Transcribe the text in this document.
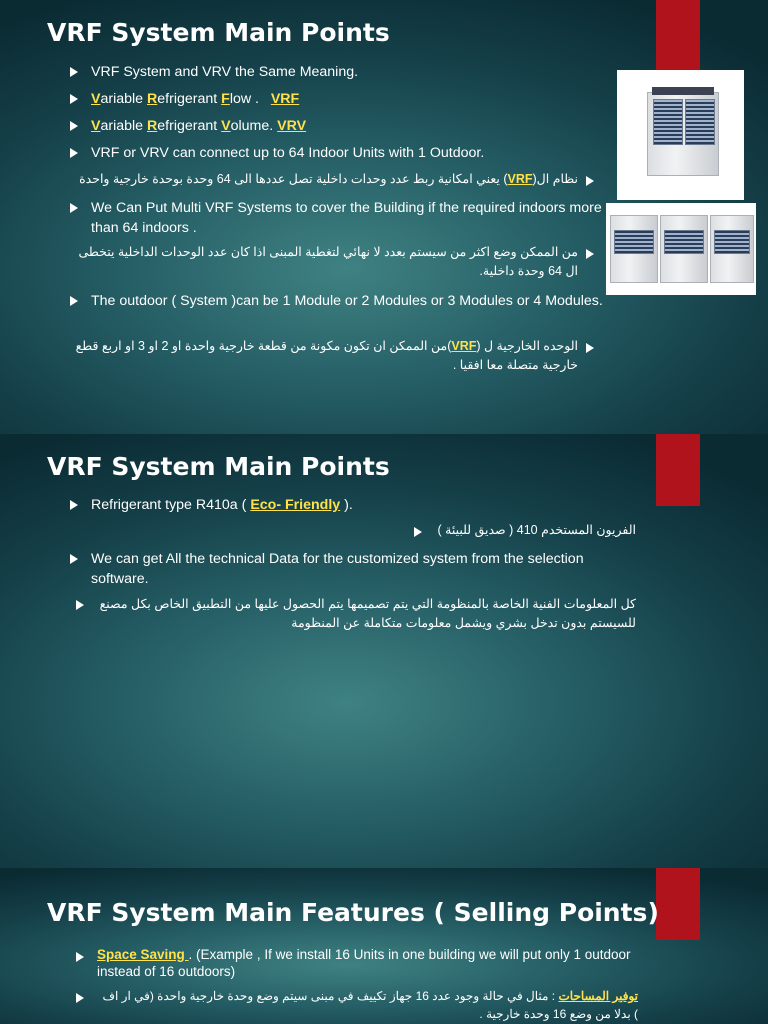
VRF System Main Points
VRF System and VRV the Same Meaning.
Variable Refrigerant Flow . VRF
Variable Refrigerant Volume. VRV
VRF or VRV can connect up to 64 Indoor Units with 1 Outdoor.
نظام ال(VRF) يعني امكانية ربط عدد وحدات داخلية تصل عددها الى 64 وحدة بوحدة خارجية واحدة
We Can Put Multi VRF Systems to cover the Building if the required indoors more than 64 indoors .
من الممكن وضع اكثر من سيستم بعدد لا نهائي لتغطية المبنى اذا كان عدد الوحدات الداخلية يتخطى ال 64 وحدة داخلية.
The outdoor ( System )can be 1 Module or 2 Modules or 3 Modules or 4 Modules.
الوحده الخارجية ل (VRF)من الممكن ان تكون مكونة من قطعة خارجية واحدة او 2 او 3 او اربع قطع خارجية متصلة معا افقيا .
VRF System Main Points
Refrigerant type R410a ( Eco- Friendly ).
الفريون المستخدم 410 ( صديق للبيئة )
We can get All the technical Data for the customized system from the selection software.
كل المعلومات الفنية الخاصة بالمنظومة التي يتم تصميمها يتم الحصول عليها من التطبيق الخاص بكل مصنع للسيستم بدون تدخل بشري ويشمل معلومات متكاملة عن المنظومة
VRF System Main Features ( Selling Points)
Space Saving . (Example , If we install 16 Units in one building we will put only 1 outdoor instead of 16 outdoors)
توفير المساحات : مثال في حالة وجود عدد 16 جهاز تكييف في مبنى سيتم وضع وحدة خارجية واحدة (في ار اف ) بدلا من وضع 16 وحدة خارجية .
